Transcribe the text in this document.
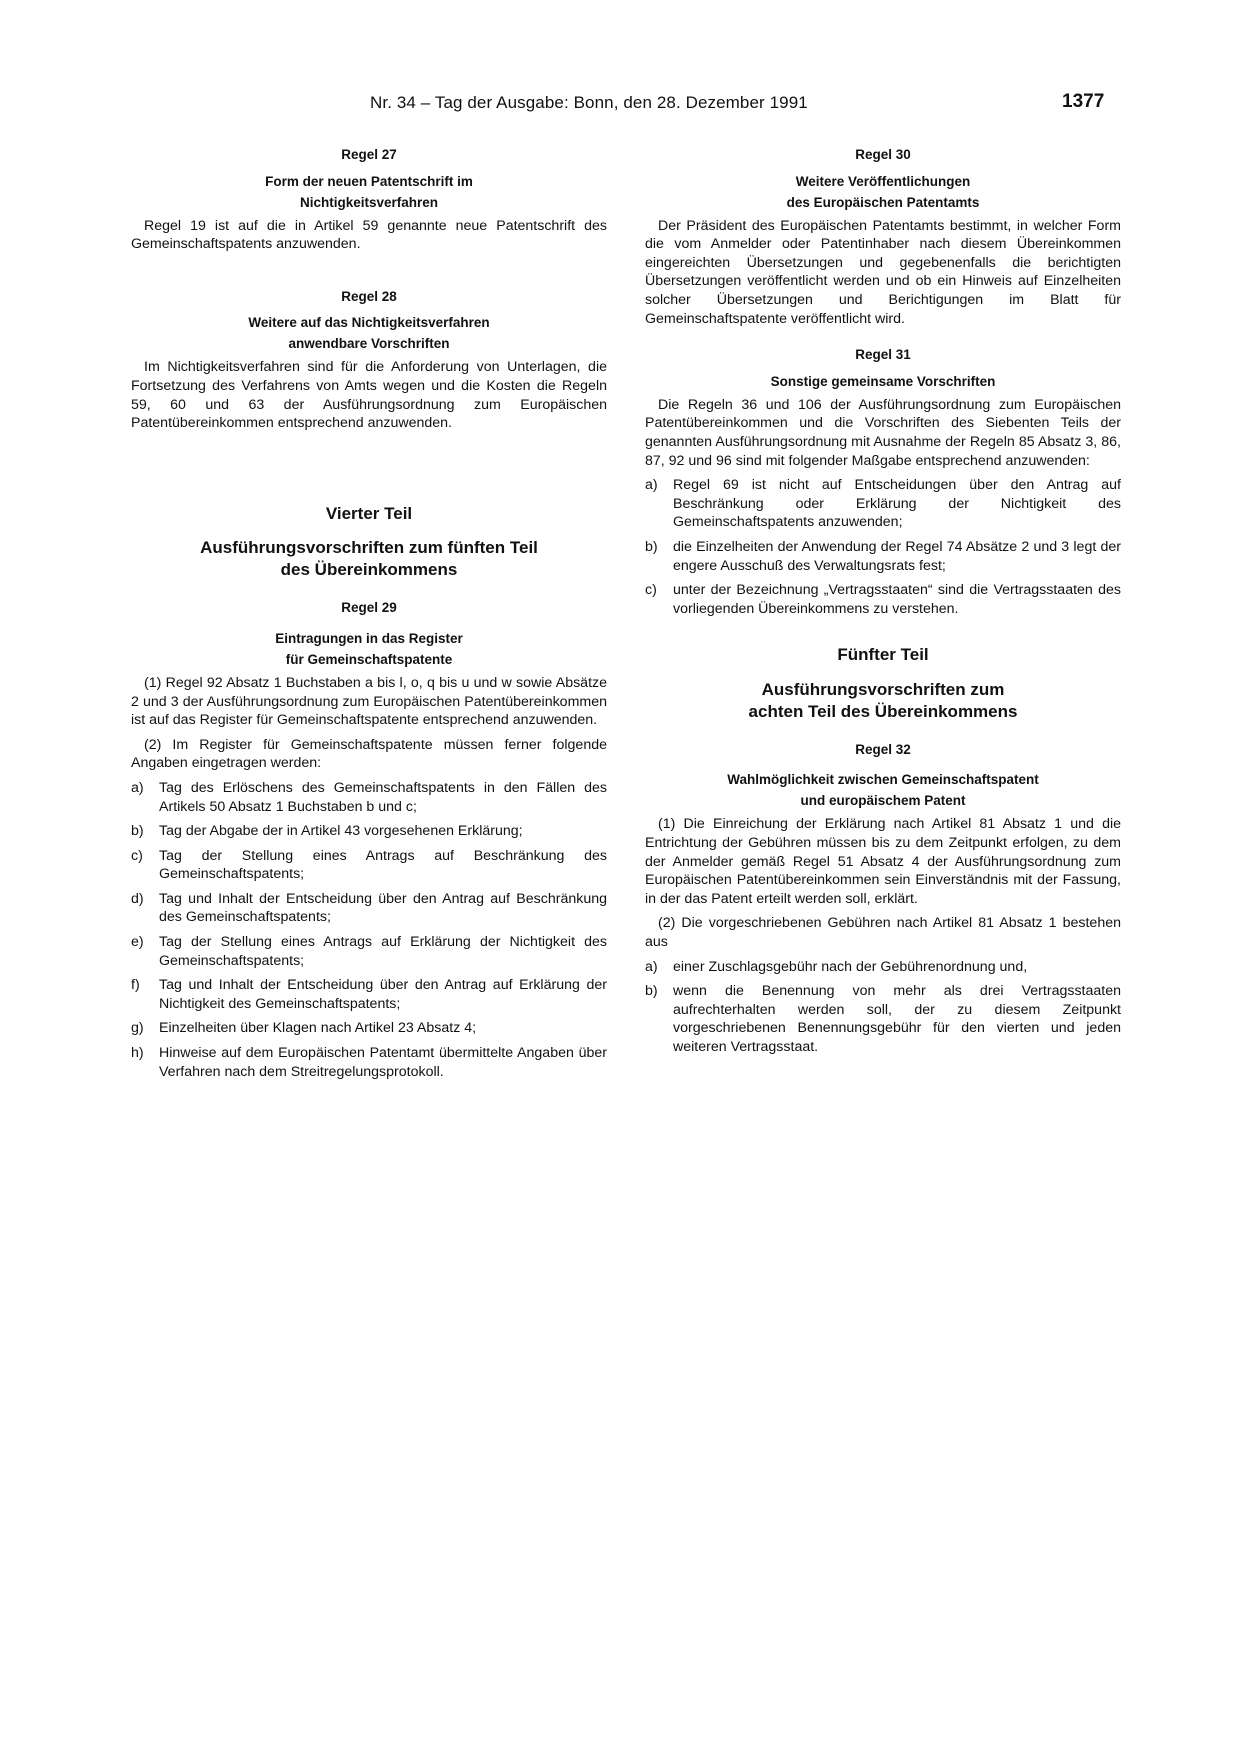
Nr. 34 – Tag der Ausgabe: Bonn, den 28. Dezember 1991	1377
Regel 27
Form der neuen Patentschrift im
Nichtigkeitsverfahren
Regel 19 ist auf die in Artikel 59 genannte neue Patentschrift des Gemeinschaftspatents anzuwenden.
Regel 28
Weitere auf das Nichtigkeitsverfahren
anwendbare Vorschriften
Im Nichtigkeitsverfahren sind für die Anforderung von Unterlagen, die Fortsetzung des Verfahrens von Amts wegen und die Kosten die Regeln 59, 60 und 63 der Ausführungsordnung zum Europäischen Patentübereinkommen entsprechend anzuwenden.
Vierter Teil
Ausführungsvorschriften zum fünften Teil
des Übereinkommens
Regel 29
Eintragungen in das Register
für Gemeinschaftspatente
(1) Regel 92 Absatz 1 Buchstaben a bis l, o, q bis u und w sowie Absätze 2 und 3 der Ausführungsordnung zum Europäischen Patentübereinkommen ist auf das Register für Gemeinschaftspatente entsprechend anzuwenden.
(2) Im Register für Gemeinschaftspatente müssen ferner folgende Angaben eingetragen werden:
a)	Tag des Erlöschens des Gemeinschaftspatents in den Fällen des Artikels 50 Absatz 1 Buchstaben b und c;
b)	Tag der Abgabe der in Artikel 43 vorgesehenen Erklärung;
c)	Tag der Stellung eines Antrags auf Beschränkung des Gemeinschaftspatents;
d)	Tag und Inhalt der Entscheidung über den Antrag auf Beschränkung des Gemeinschaftspatents;
e)	Tag der Stellung eines Antrags auf Erklärung der Nichtigkeit des Gemeinschaftspatents;
f)	Tag und Inhalt der Entscheidung über den Antrag auf Erklärung der Nichtigkeit des Gemeinschaftspatents;
g)	Einzelheiten über Klagen nach Artikel 23 Absatz 4;
h)	Hinweise auf dem Europäischen Patentamt übermittelte Angaben über Verfahren nach dem Streitregelungsprotokoll.
Regel 30
Weitere Veröffentlichungen
des Europäischen Patentamts
Der Präsident des Europäischen Patentamts bestimmt, in welcher Form die vom Anmelder oder Patentinhaber nach diesem Übereinkommen eingereichten Übersetzungen und gegebenenfalls die berichtigten Übersetzungen veröffentlicht werden und ob ein Hinweis auf Einzelheiten solcher Übersetzungen und Berichtigungen im Blatt für Gemeinschaftspatente veröffentlicht wird.
Regel 31
Sonstige gemeinsame Vorschriften
Die Regeln 36 und 106 der Ausführungsordnung zum Europäischen Patentübereinkommen und die Vorschriften des Siebenten Teils der genannten Ausführungsordnung mit Ausnahme der Regeln 85 Absatz 3, 86, 87, 92 und 96 sind mit folgender Maßgabe entsprechend anzuwenden:
a)	Regel 69 ist nicht auf Entscheidungen über den Antrag auf Beschränkung oder Erklärung der Nichtigkeit des Gemeinschaftspatents anzuwenden;
b)	die Einzelheiten der Anwendung der Regel 74 Absätze 2 und 3 legt der engere Ausschuß des Verwaltungsrats fest;
c)	unter der Bezeichnung „Vertragsstaaten“ sind die Vertragsstaaten des vorliegenden Übereinkommens zu verstehen.
Fünfter Teil
Ausführungsvorschriften zum
achten Teil des Übereinkommens
Regel 32
Wahlmöglichkeit zwischen Gemeinschaftspatent
und europäischem Patent
(1) Die Einreichung der Erklärung nach Artikel 81 Absatz 1 und die Entrichtung der Gebühren müssen bis zu dem Zeitpunkt erfolgen, zu dem der Anmelder gemäß Regel 51 Absatz 4 der Ausführungsordnung zum Europäischen Patentübereinkommen sein Einverständnis mit der Fassung, in der das Patent erteilt werden soll, erklärt.
(2) Die vorgeschriebenen Gebühren nach Artikel 81 Absatz 1 bestehen aus
a)	einer Zuschlagsgebühr nach der Gebührenordnung und,
b)	wenn die Benennung von mehr als drei Vertragsstaaten aufrechterhalten werden soll, der zu diesem Zeitpunkt vorgeschriebenen Benennungsgebühr für den vierten und jeden weiteren Vertragsstaat.
